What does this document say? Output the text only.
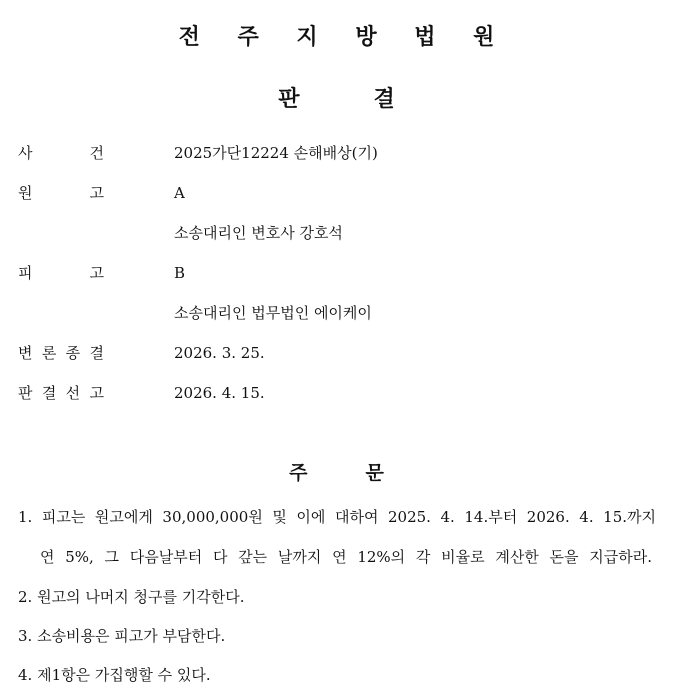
전 주 지 방 법 원
판	결
사	건	2025가단12224 손해배상(기)
원	고	A
소송대리인 변호사 강호석
피	고	B
소송대리인 법무법인 에이케이
변 론 종 결	2026. 3. 25.
판 결 선 고	2026. 4. 15.
주	문
1. 피고는 원고에게 30,000,000원 및 이에 대하여 2025. 4. 14.부터 2026. 4. 15.까지
연 5%, 그 다음날부터 다 갚는 날까지 연 12%의 각 비율로 계산한 돈을 지급하라.
2. 원고의 나머지 청구를 기각한다.
3. 소송비용은 피고가 부담한다.
4. 제1항은 가집행할 수 있다.
